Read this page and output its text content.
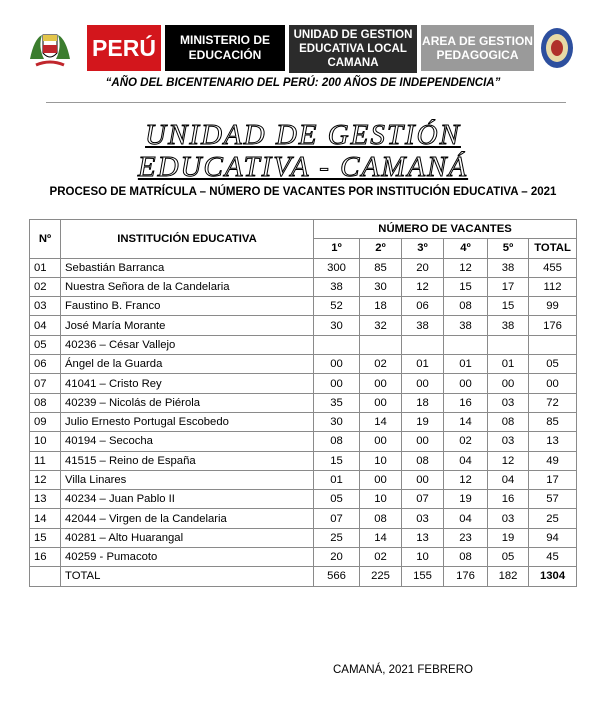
PERÚ	MINISTERIO DE EDUCACIÓN
UNIDAD DE GESTION EDUCATIVA LOCAL CAMANA
AREA DE GESTION PEDAGOGICA
“AÑO DEL BICENTENARIO DEL PERÚ: 200 AÑOS DE INDEPENDENCIA”
UNIDAD DE GESTIÓN
EDUCATIVA - CAMANÁ
PROCESO DE MATRÍCULA – NÚMERO DE VACANTES POR INSTITUCIÓN EDUCATIVA – 2021
Nº	INSTITUCIÓN EDUCATIVA	NÚMERO DE VACANTES					
		1º	2º	3º	4º	5º	TOTAL
01	Sebastián Barranca	300	85	20	12	38	455
02	Nuestra Señora de la Candelaria	38	30	12	15	17	112
03	Faustino B. Franco	52	18	06	08	15	99
04	José María Morante	30	32	38	38	38	176
05	40236 – César Vallejo						
06	Ángel de la Guarda	00	02	01	01	01	05
07	41041 – Cristo Rey	00	00	00	00	00	00
08	40239 – Nicolás de Piérola	35	00	18	16	03	72
09	Julio Ernesto Portugal Escobedo	30	14	19	14	08	85
10	40194 – Secocha	08	00	00	02	03	13
11	41515 – Reino de España	15	10	08	04	12	49
12	Villa Linares	01	00	00	12	04	17
13	40234 – Juan Pablo II	05	10	07	19	16	57
14	42044 – Virgen de la Candelaria	07	08	03	04	03	25
15	40281 – Alto Huarangal	25	14	13	23	19	94
16	40259 - Pumacoto	20	02	10	08	05	45
	TOTAL	566	225	155	176	182	1304
CAMANÁ, 2021 FEBRERO
